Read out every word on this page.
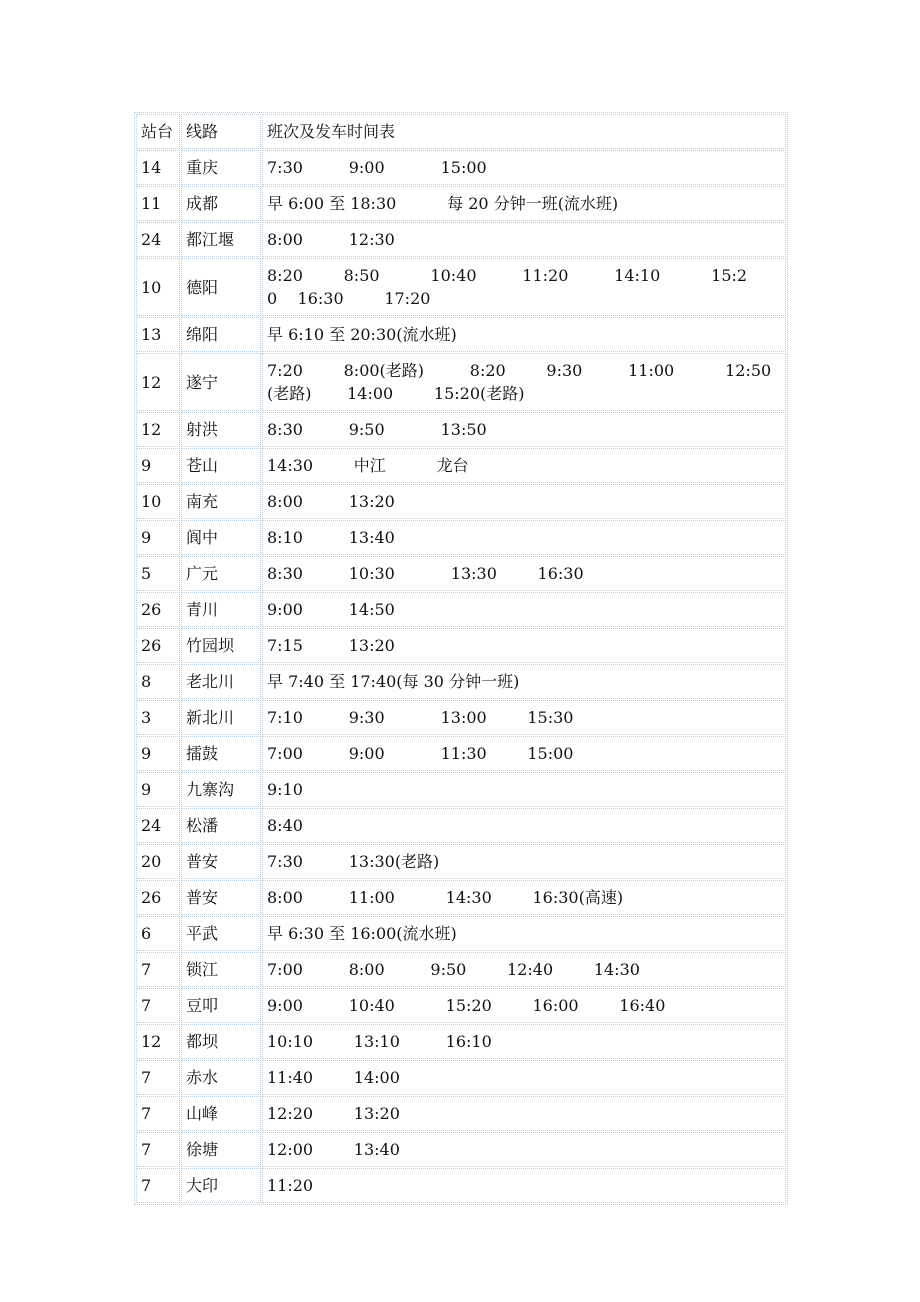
站台	线路	班次及发车时间表
14	重庆	7:30         9:00           15:00
11	成都	早 6:00 至 18:30          每 20 分钟一班(流水班)
24	都江堰	8:00         12:30
10	德阳	8:20        8:50          10:40         11:20         14:10          15:20    16:30        17:20
13	绵阳	早 6:10 至 20:30(流水班)
12	遂宁	7:20        8:00(老路)         8:20        9:30         11:00          12:50(老路)       14:00        15:20(老路)
12	射洪	8:30         9:50           13:50
9	苍山	14:30        中江          龙台
10	南充	8:00         13:20
9	阆中	8:10         13:40
5	广元	8:30         10:30           13:30        16:30
26	青川	9:00         14:50
26	竹园坝	7:15         13:20
8	老北川	早 7:40 至 17:40(每 30 分钟一班)
3	新北川	7:10         9:30           13:00        15:30
9	擂鼓	7:00         9:00           11:30        15:00
9	九寨沟	9:10
24	松潘	8:40
20	普安	7:30         13:30(老路)
26	普安	8:00         11:00          14:30        16:30(高速)
6	平武	早 6:30 至 16:00(流水班)
7	锁江	7:00         8:00         9:50        12:40        14:30
7	豆叩	9:00         10:40          15:20        16:00        16:40
12	都坝	10:10        13:10         16:10
7	赤水	11:40        14:00
7	山峰	12:20        13:20
7	徐塘	12:00        13:40
7	大印	11:20
